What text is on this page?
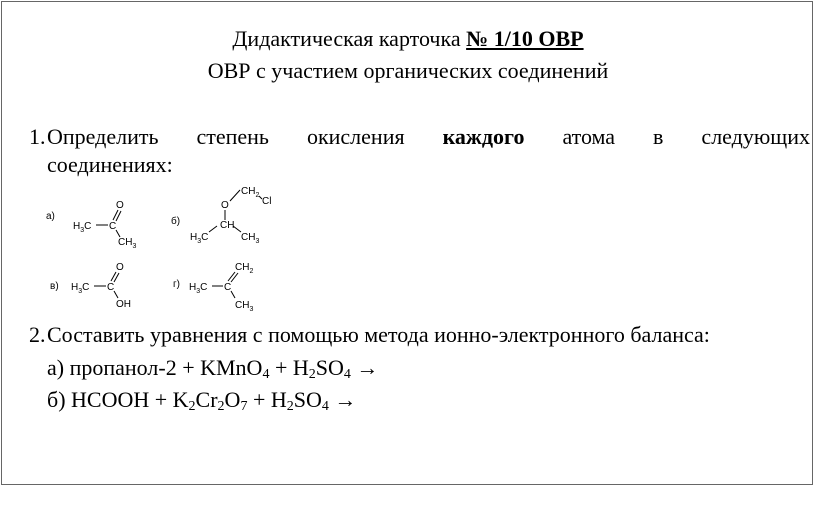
Дидактическая карточка № 1/10 ОВР
ОВР с участием органических соединений
1. Определить степень окисления каждого атома в следующих
соединениях:
а)
$H_3C$ C
O
$CH_3$
б)
$CH_2$
Cl
O
CH
$H_3C$	$CH_3$
в) $H_3C$ C
O
OH
г) $H_3C$ C
$CH_2$
$CH_3$
2. Составить уравнения с помощью метода ионно-электронного баланса:
а) пропанол-2 + KMnO$_4$ + $H_2SO_4$ →
б) HCOOH + $K_2Cr_2O_7 + H_2SO_4$ →
